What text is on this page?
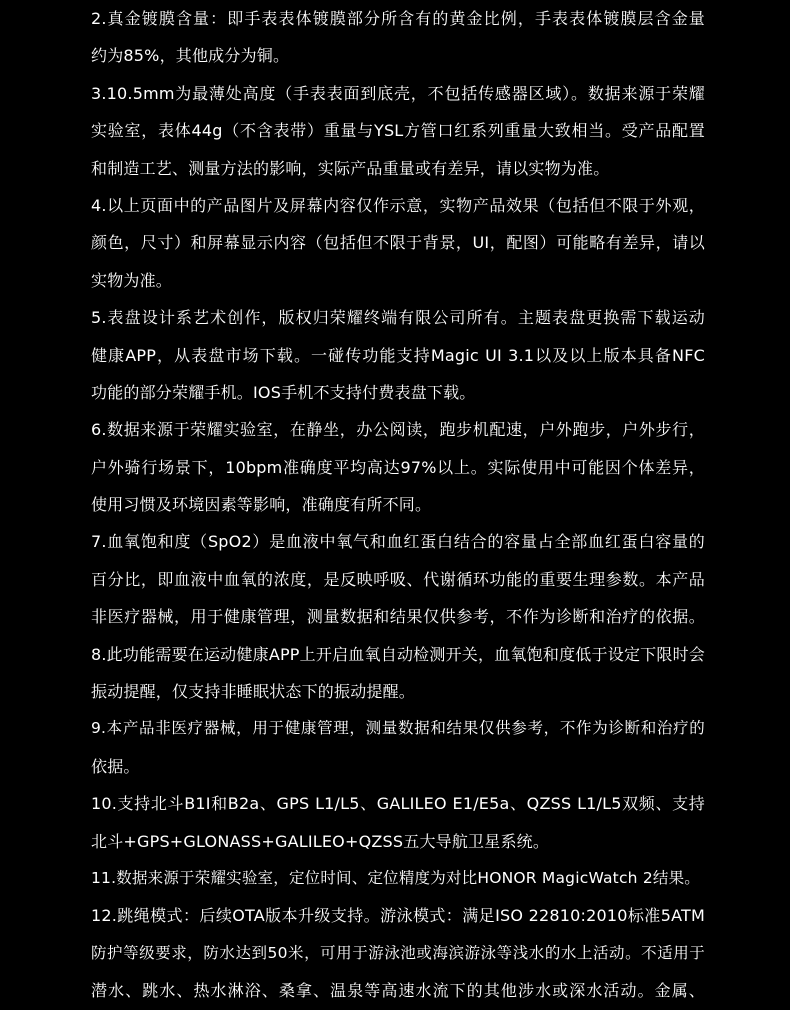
2.真金镀膜含量：即手表表体镀膜部分所含有的黄金比例，手表表体镀膜层含金量
约为85%，其他成分为铜。
3.10.5mm为最薄处高度（手表表面到底壳，不包括传感器区域）。数据来源于荣耀
实验室，表体44g（不含表带）重量与YSL方管口红系列重量大致相当。受产品配置
和制造工艺、测量方法的影响，实际产品重量或有差异，请以实物为准。
4.以上页面中的产品图片及屏幕内容仅作示意，实物产品效果（包括但不限于外观，
颜色，尺寸）和屏幕显示内容（包括但不限于背景，UI，配图）可能略有差异，请以
实物为准。
5.表盘设计系艺术创作，版权归荣耀终端有限公司所有。主题表盘更换需下载运动
健康APP，从表盘市场下载。一碰传功能支持Magic UI 3.1以及以上版本具备NFC
功能的部分荣耀手机。IOS手机不支持付费表盘下载。
6.数据来源于荣耀实验室，在静坐，办公阅读，跑步机配速，户外跑步，户外步行，
户外骑行场景下，10bpm准确度平均高达97%以上。实际使用中可能因个体差异，
使用习惯及环境因素等影响，准确度有所不同。
7.血氧饱和度（SpO2）是血液中氧气和血红蛋白结合的容量占全部血红蛋白容量的
百分比，即血液中血氧的浓度，是反映呼吸、代谢循环功能的重要生理参数。本产品
非医疗器械，用于健康管理，测量数据和结果仅供参考，不作为诊断和治疗的依据。
8.此功能需要在运动健康APP上开启血氧自动检测开关，血氧饱和度低于设定下限时会
振动提醒，仅支持非睡眠状态下的振动提醒。
9.本产品非医疗器械，用于健康管理，测量数据和结果仅供参考，不作为诊断和治疗的
依据。
10.支持北斗B1I和B2a、GPS L1/L5、GALILEO E1/E5a、QZSS L1/L5双频、支持
北斗+GPS+GLONASS+GALILEO+QZSS五大导航卫星系统。
11.数据来源于荣耀实验室，定位时间、定位精度为对比HONOR MagicWatch 2结果。
12.跳绳模式：后续OTA版本升级支持。游泳模式：满足ISO 22810:2010标准5ATM
防护等级要求，防水达到50米，可用于游泳池或海滨游泳等浅水的水上活动。不适用于
潜水、跳水、热水淋浴、桑拿、温泉等高速水流下的其他涉水或深水活动。金属、
